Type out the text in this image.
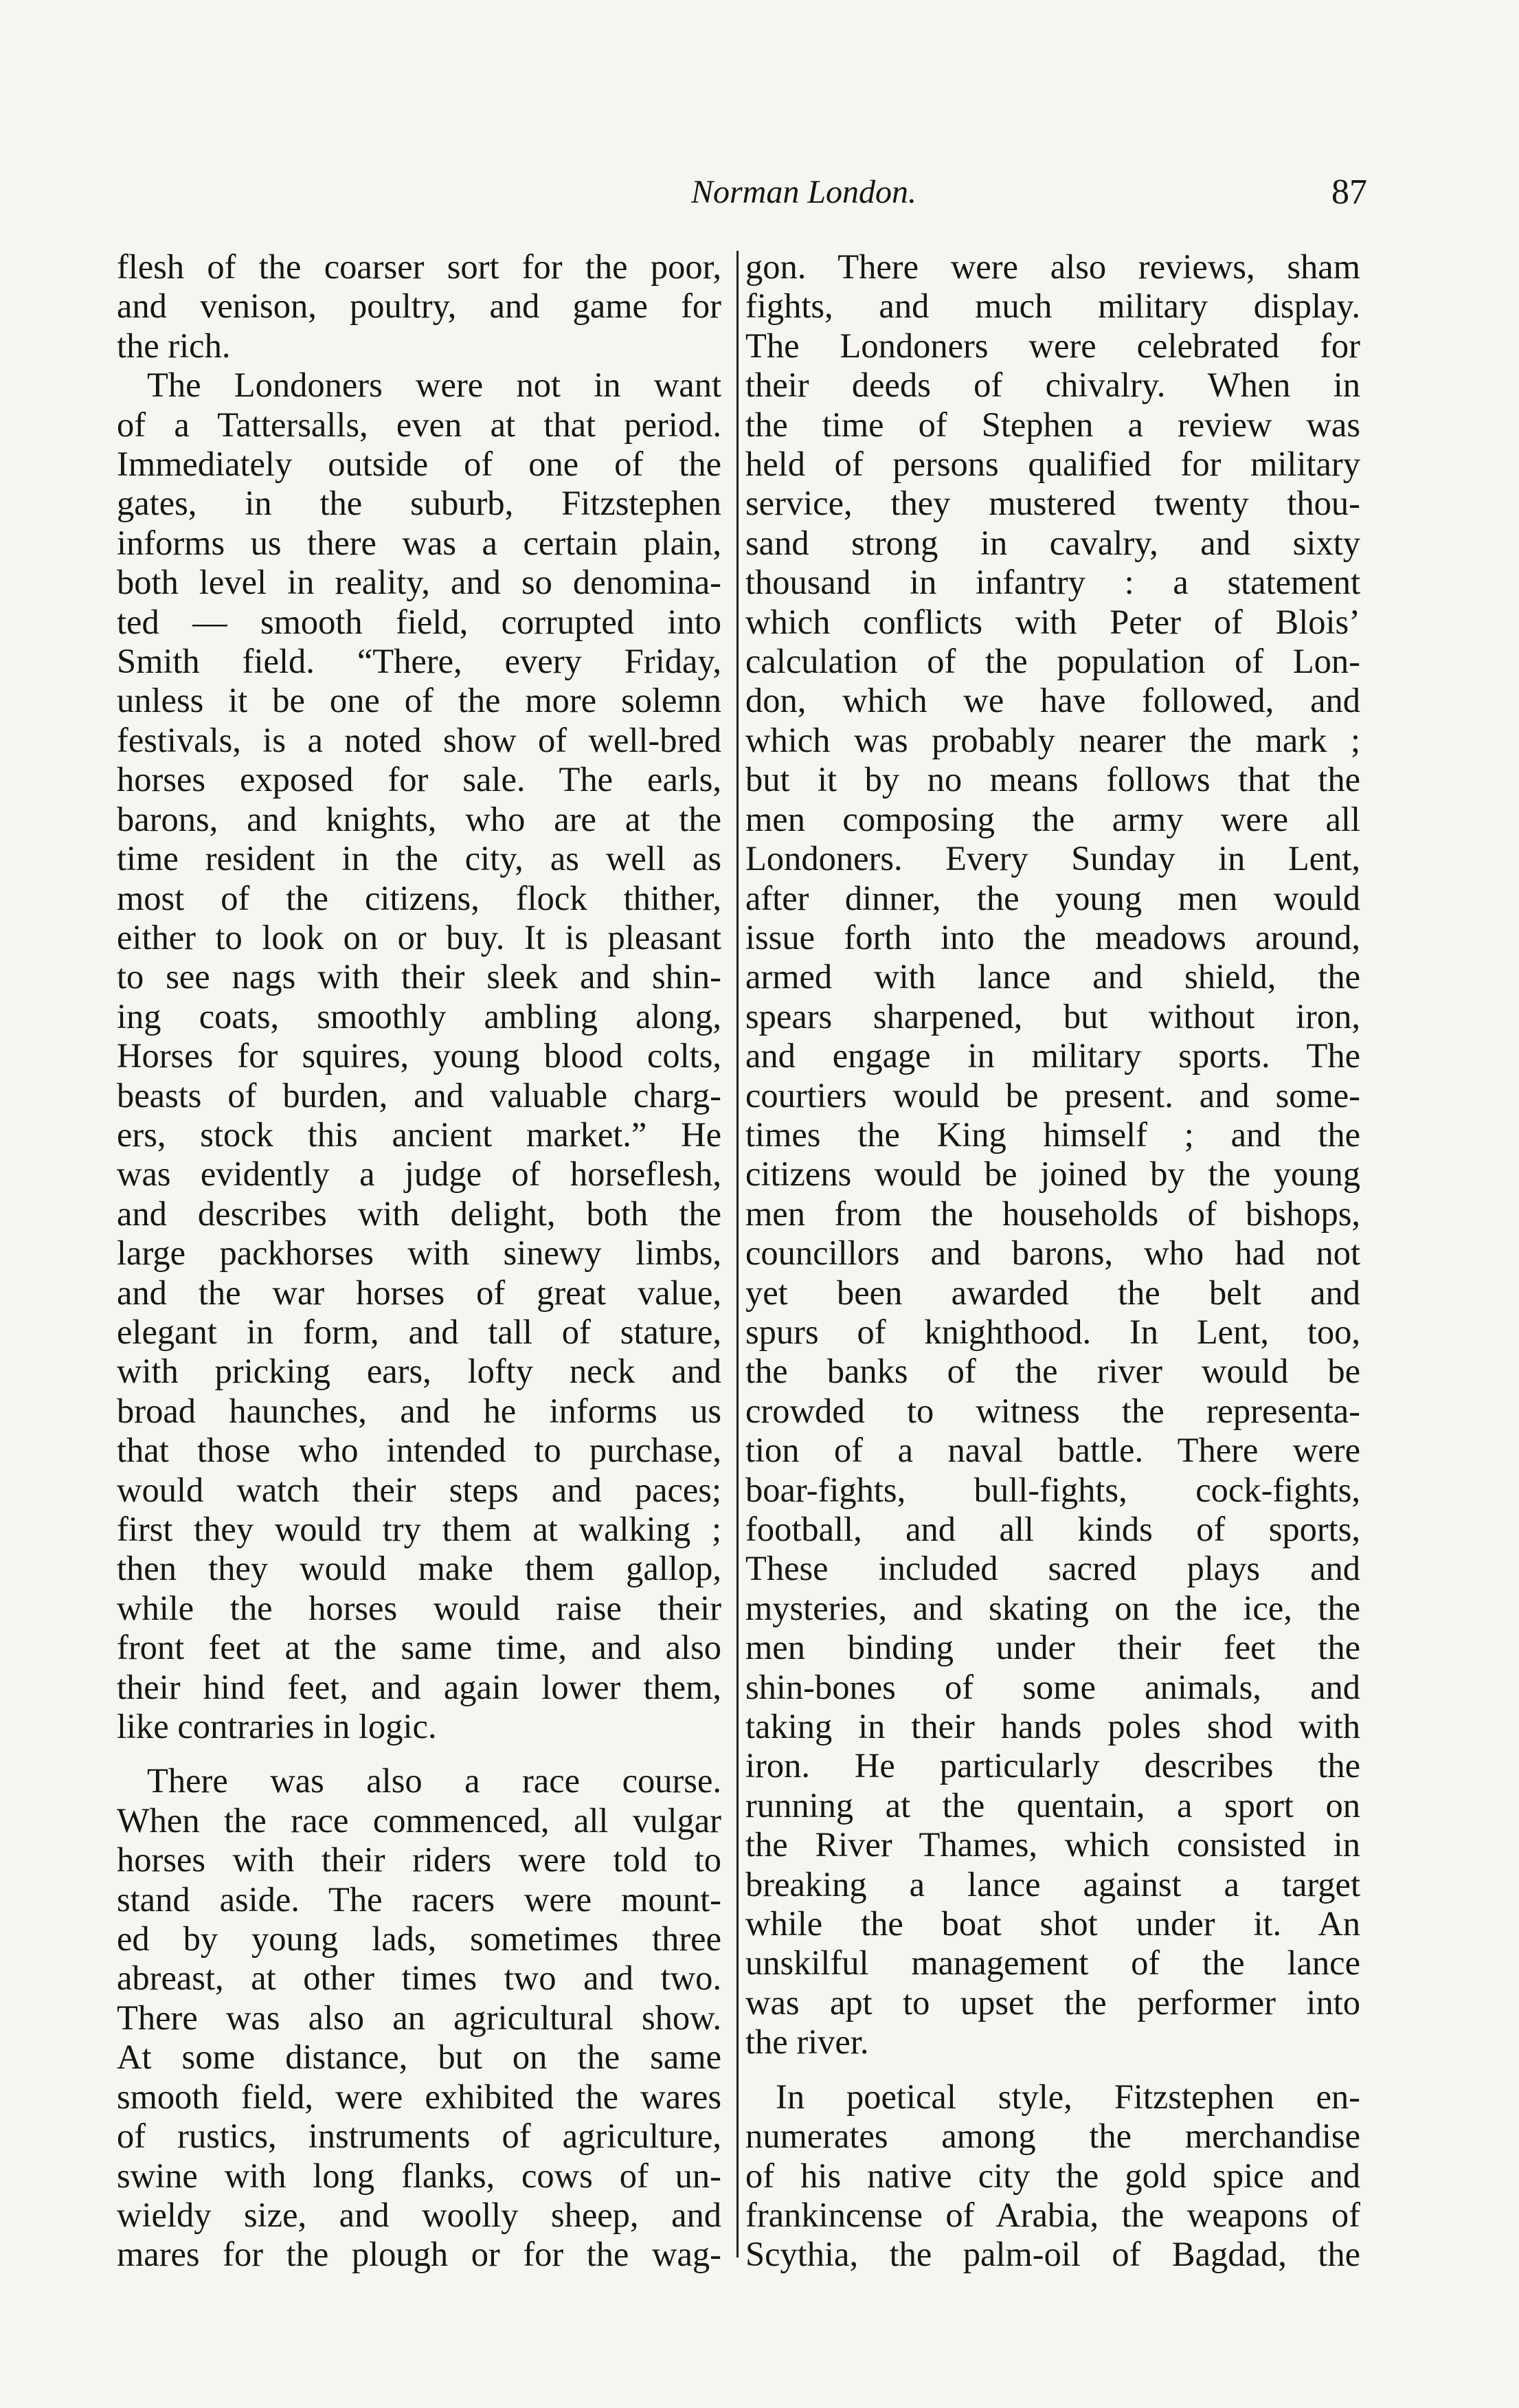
Norman London.	87
flesh of the coarser sort for the poor,
and venison, poultry, and game for
the rich.
The Londoners were not in want
of a Tattersalls, even at that period.
Immediately outside of one of the
gates, in the suburb, Fitzstephen
informs us there was a certain plain,
both level in reality, and so denomina-
ted — smooth field, corrupted into
Smith field. “There, every Friday,
unless it be one of the more solemn
festivals, is a noted show of well-bred
horses exposed for sale. The earls,
barons, and knights, who are at the
time resident in the city, as well as
most of the citizens, flock thither,
either to look on or buy. It is pleasant
to see nags with their sleek and shin-
ing coats, smoothly ambling along,
Horses for squires, young blood colts,
beasts of burden, and valuable charg-
ers, stock this ancient market.” He
was evidently a judge of horseflesh,
and describes with delight, both the
large packhorses with sinewy limbs,
and the war horses of great value,
elegant in form, and tall of stature,
with pricking ears, lofty neck and
broad haunches, and he informs us
that those who intended to purchase,
would watch their steps and paces;
first they would try them at walking ;
then they would make them gallop,
while the horses would raise their
front feet at the same time, and also
their hind feet, and again lower them,
like contraries in logic.
There was also a race course.
When the race commenced, all vulgar
horses with their riders were told to
stand aside. The racers were mount-
ed by young lads, sometimes three
abreast, at other times two and two.
There was also an agricultural show.
At some distance, but on the same
smooth field, were exhibited the wares
of rustics, instruments of agriculture,
swine with long flanks, cows of un-
wieldy size, and woolly sheep, and
mares for the plough or for the wag-
gon. There were also reviews, sham
fights, and much military display.
The Londoners were celebrated for
their deeds of chivalry. When in
the time of Stephen a review was
held of persons qualified for military
service, they mustered twenty thou-
sand strong in cavalry, and sixty
thousand in infantry : a statement
which conflicts with Peter of Blois’
calculation of the population of Lon-
don, which we have followed, and
which was probably nearer the mark ;
but it by no means follows that the
men composing the army were all
Londoners. Every Sunday in Lent,
after dinner, the young men would
issue forth into the meadows around,
armed with lance and shield, the
spears sharpened, but without iron,
and engage in military sports. The
courtiers would be present. and some-
times the King himself ; and the
citizens would be joined by the young
men from the households of bishops,
councillors and barons, who had not
yet been awarded the belt and
spurs of knighthood. In Lent, too,
the banks of the river would be
crowded to witness the representa-
tion of a naval battle. There were
boar-fights, bull-fights, cock-fights,
football, and all kinds of sports,
These included sacred plays and
mysteries, and skating on the ice, the
men binding under their feet the
shin-bones of some animals, and
taking in their hands poles shod with
iron. He particularly describes the
running at the quentain, a sport on
the River Thames, which consisted in
breaking a lance against a target
while the boat shot under it. An
unskilful management of the lance
was apt to upset the performer into
the river.
In poetical style, Fitzstephen en-
numerates among the merchandise
of his native city the gold spice and
frankincense of Arabia, the weapons of
Scythia, the palm-oil of Bagdad, the
